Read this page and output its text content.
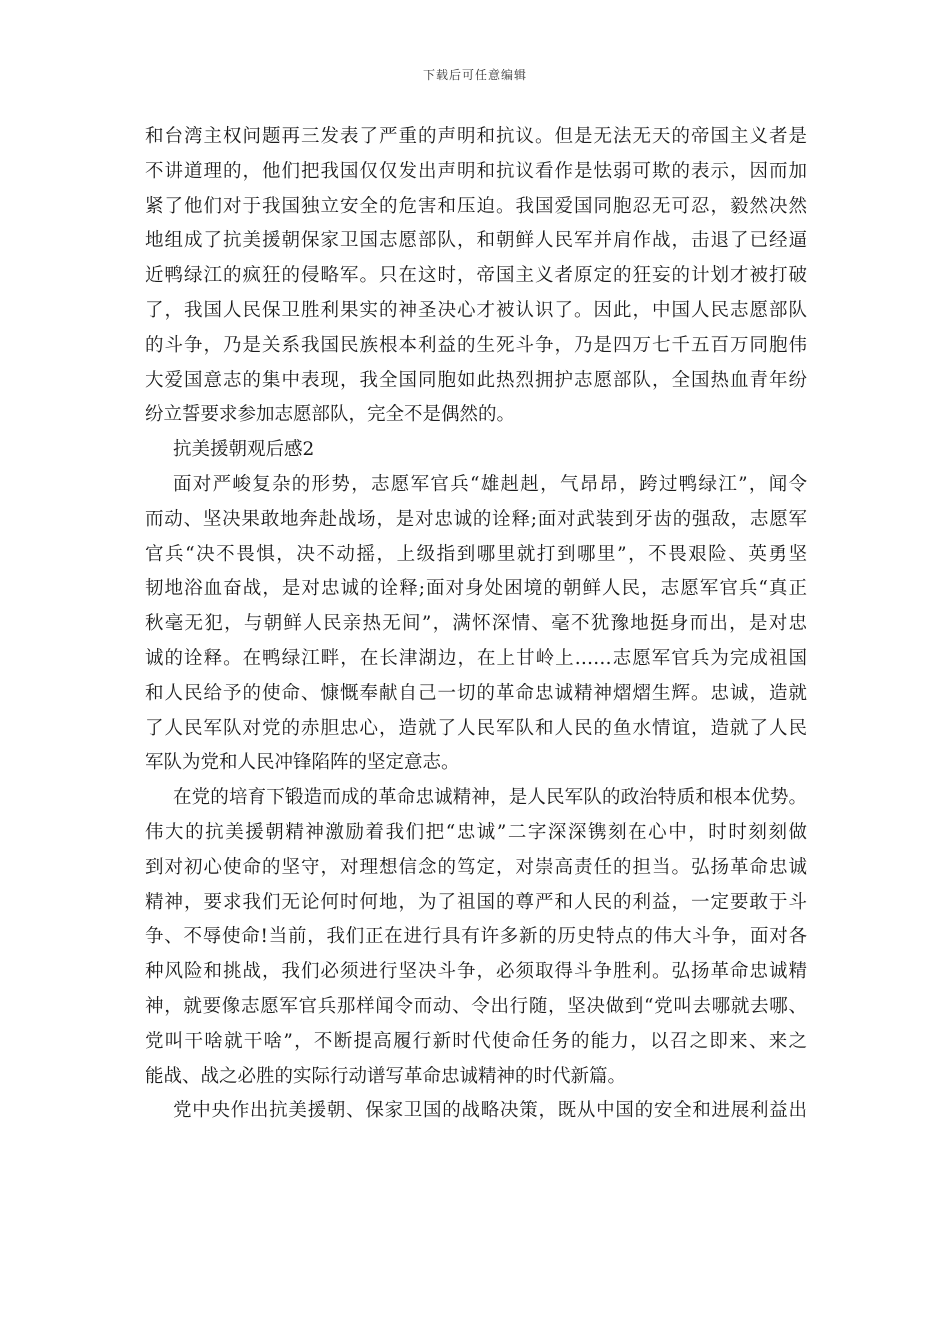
下载后可任意编辑
和台湾主权问题再三发表了严重的声明和抗议。但是无法无天的帝国主义者是
不讲道理的，他们把我国仅仅发出声明和抗议看作是怯弱可欺的表示，因而加
紧了他们对于我国独立安全的危害和压迫。我国爱国同胞忍无可忍，毅然决然
地组成了抗美援朝保家卫国志愿部队，和朝鲜人民军并肩作战，击退了已经逼
近鸭绿江的疯狂的侵略军。只在这时，帝国主义者原定的狂妄的计划才被打破
了，我国人民保卫胜利果实的神圣决心才被认识了。因此，中国人民志愿部队
的斗争，乃是关系我国民族根本利益的生死斗争，乃是四万七千五百万同胞伟
大爱国意志的集中表现，我全国同胞如此热烈拥护志愿部队，全国热血青年纷
纷立誓要求参加志愿部队，完全不是偶然的。
抗美援朝观后感2
面对严峻复杂的形势，志愿军官兵“雄赳赳，气昂昂，跨过鸭绿江”，闻令
而动、坚决果敢地奔赴战场，是对忠诚的诠释;面对武装到牙齿的强敌，志愿军
官兵“决不畏惧，决不动摇，上级指到哪里就打到哪里”，不畏艰险、英勇坚
韧地浴血奋战，是对忠诚的诠释;面对身处困境的朝鲜人民，志愿军官兵“真正
秋毫无犯，与朝鲜人民亲热无间”，满怀深情、毫不犹豫地挺身而出，是对忠
诚的诠释。在鸭绿江畔，在长津湖边，在上甘岭上……志愿军官兵为完成祖国
和人民给予的使命、慷慨奉献自己一切的革命忠诚精神熠熠生辉。忠诚，造就
了人民军队对党的赤胆忠心，造就了人民军队和人民的鱼水情谊，造就了人民
军队为党和人民冲锋陷阵的坚定意志。
在党的培育下锻造而成的革命忠诚精神，是人民军队的政治特质和根本优势。
伟大的抗美援朝精神激励着我们把“忠诚”二字深深镌刻在心中，时时刻刻做
到对初心使命的坚守，对理想信念的笃定，对崇高责任的担当。弘扬革命忠诚
精神，要求我们无论何时何地，为了祖国的尊严和人民的利益，一定要敢于斗
争、不辱使命!当前，我们正在进行具有许多新的历史特点的伟大斗争，面对各
种风险和挑战，我们必须进行坚决斗争，必须取得斗争胜利。弘扬革命忠诚精
神，就要像志愿军官兵那样闻令而动、令出行随，坚决做到“党叫去哪就去哪、
党叫干啥就干啥”，不断提高履行新时代使命任务的能力，以召之即来、来之
能战、战之必胜的实际行动谱写革命忠诚精神的时代新篇。
党中央作出抗美援朝、保家卫国的战略决策，既从中国的安全和进展利益出
